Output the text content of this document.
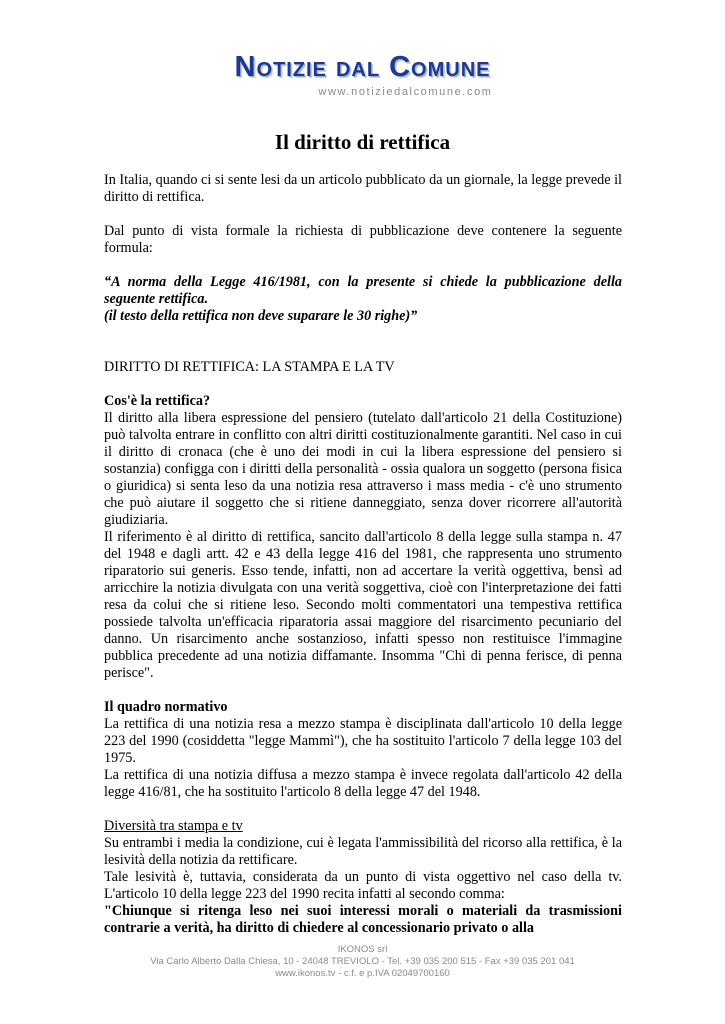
Notizie dal Comune
www.notiziedalcomune.com
Il diritto di rettifica

In Italia, quando ci si sente lesi da un articolo pubblicato da un giornale, la legge prevede il diritto di rettifica.

Dal punto di vista formale la richiesta di pubblicazione deve contenere la seguente formula:

“A norma della Legge 416/1981, con la presente si chiede la pubblicazione della seguente rettifica.

(il testo della rettifica non deve suparare le 30 righe)”

DIRITTO DI RETTIFICA: LA STAMPA E LA TV

Cos'è la rettifica?

Il diritto alla libera espressione del pensiero (tutelato dall'articolo 21 della Costituzione) può talvolta entrare in conflitto con altri diritti costituzionalmente garantiti. Nel caso in cui il diritto di cronaca (che è uno dei modi in cui la libera espressione del pensiero si sostanzia) configga con i diritti della personalità - ossia qualora un soggetto (persona fisica o giuridica) si senta leso da una notizia resa attraverso i mass media - c'è uno strumento che può aiutare il soggetto che si ritiene danneggiato, senza dover ricorrere all'autorità giudiziaria.

Il riferimento è al diritto di rettifica, sancito dall'articolo 8 della legge sulla stampa n. 47 del 1948 e dagli artt. 42 e 43 della legge 416 del 1981, che rappresenta uno strumento riparatorio sui generis. Esso tende, infatti, non ad accertare la verità oggettiva, bensì ad arricchire la notizia divulgata con una verità soggettiva, cioè con l'interpretazione dei fatti resa da colui che si ritiene leso. Secondo molti commentatori una tempestiva rettifica possiede talvolta un'efficacia riparatoria assai maggiore del risarcimento pecuniario del danno. Un risarcimento anche sostanzioso, infatti spesso non restituisce l'immagine pubblica precedente ad una notizia diffamante. Insomma "Chi di penna ferisce, di penna perisce".

Il quadro normativo

La rettifica di una notizia resa a mezzo stampa è disciplinata dall'articolo 10 della legge 223 del 1990 (cosiddetta "legge Mammì"), che ha sostituito l'articolo 7 della legge 103 del 1975.

La rettifica di una notizia diffusa a mezzo stampa è invece regolata dall'articolo 42 della legge 416/81, che ha sostituito l'articolo 8 della legge 47 del 1948.

Diversità tra stampa e tv

Su entrambi i media la condizione, cui è legata l'ammissibilità del ricorso alla rettifica, è la lesività della notizia da rettificare.

Tale lesività è, tuttavia, considerata da un punto di vista oggettivo nel caso della tv. L'articolo 10 della legge 223 del 1990 recita infatti al secondo comma:

"Chiunque si ritenga leso nei suoi interessi morali o materiali da trasmissioni contrarie a verità, ha diritto di chiedere al concessionario privato o alla

IKONOS srl
Via Carlo Alberto Dalla Chiesa, 10 - 24048 TREVIOLO - Tel. +39 035 200 515 - Fax +39 035 201 041
www.ikonos.tv - c.f. e p.IVA 02049700160
